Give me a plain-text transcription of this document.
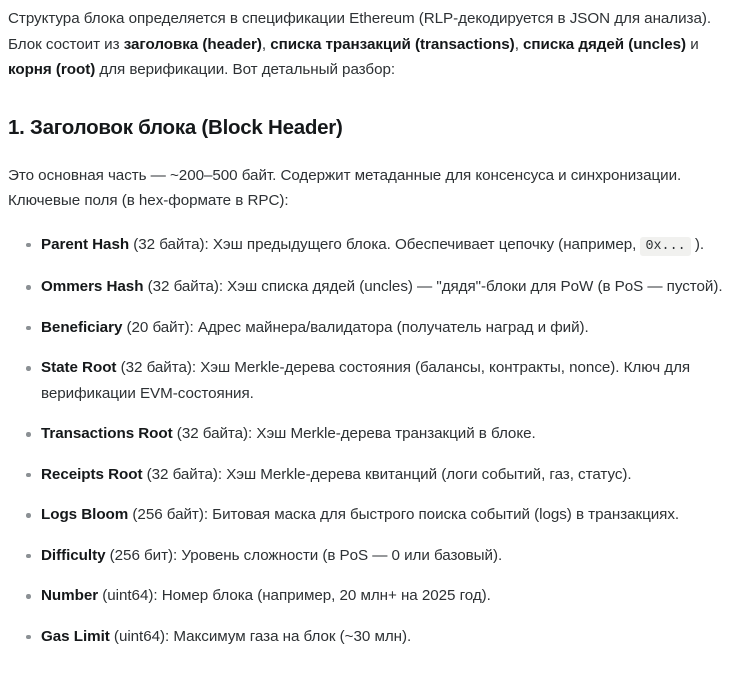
Структура блока определяется в спецификации Ethereum (RLP-декодируется в JSON для анализа). Блок состоит из заголовка (header), списка транзакций (transactions), списка дядей (uncles) и корня (root) для верификации. Вот детальный разбор:

1. Заголовок блока (Block Header)

Это основная часть — ~200–500 байт. Содержит метаданные для консенсуса и синхронизации. Ключевые поля (в hex-формате в RPC):

Parent Hash (32 байта): Хэш предыдущего блока. Обеспечивает цепочку (например, 0x... ).
Ommers Hash (32 байта): Хэш списка дядей (uncles) — "дядя"-блоки для PoW (в PoS — пустой).
Beneficiary (20 байт): Адрес майнера/валидатора (получатель наград и фий).
State Root (32 байта): Хэш Merkle-дерева состояния (балансы, контракты, nonce). Ключ для верификации EVM-состояния.
Transactions Root (32 байта): Хэш Merkle-дерева транзакций в блоке.
Receipts Root (32 байта): Хэш Merkle-дерева квитанций (логи событий, газ, статус).
Logs Bloom (256 байт): Битовая маска для быстрого поиска событий (logs) в транзакциях.
Difficulty (256 бит): Уровень сложности (в PoS — 0 или базовый).
Number (uint64): Номер блока (например, 20 млн+ на 2025 год).
Gas Limit (uint64): Максимум газа на блок (~30 млн).
